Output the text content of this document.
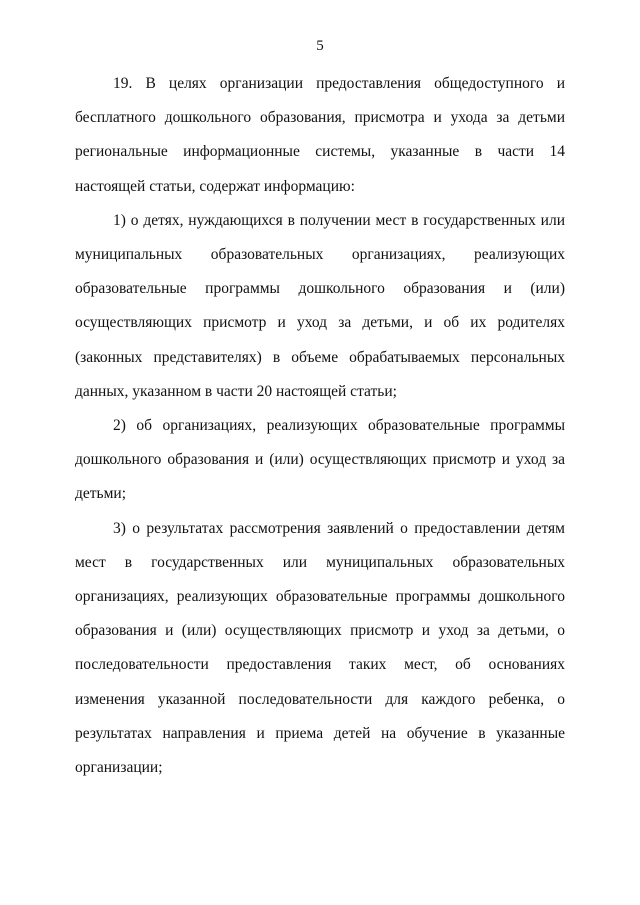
5

19. В целях организации предоставления общедоступного и бесплатного дошкольного образования, присмотра и ухода за детьми региональные информационные системы, указанные в части 14 настоящей статьи, содержат информацию:

1) о детях, нуждающихся в получении мест в государственных или муниципальных образовательных организациях, реализующих образовательные программы дошкольного образования и (или) осуществляющих присмотр и уход за детьми, и об их родителях (законных представителях) в объеме обрабатываемых персональных данных, указанном в части 20 настоящей статьи;

2) об организациях, реализующих образовательные программы дошкольного образования и (или) осуществляющих присмотр и уход за детьми;

3) о результатах рассмотрения заявлений о предоставлении детям мест в государственных или муниципальных образовательных организациях, реализующих образовательные программы дошкольного образования и (или) осуществляющих присмотр и уход за детьми, о последовательности предоставления таких мест, об основаниях изменения указанной последовательности для каждого ребенка, о результатах направления и приема детей на обучение в указанные организации;
